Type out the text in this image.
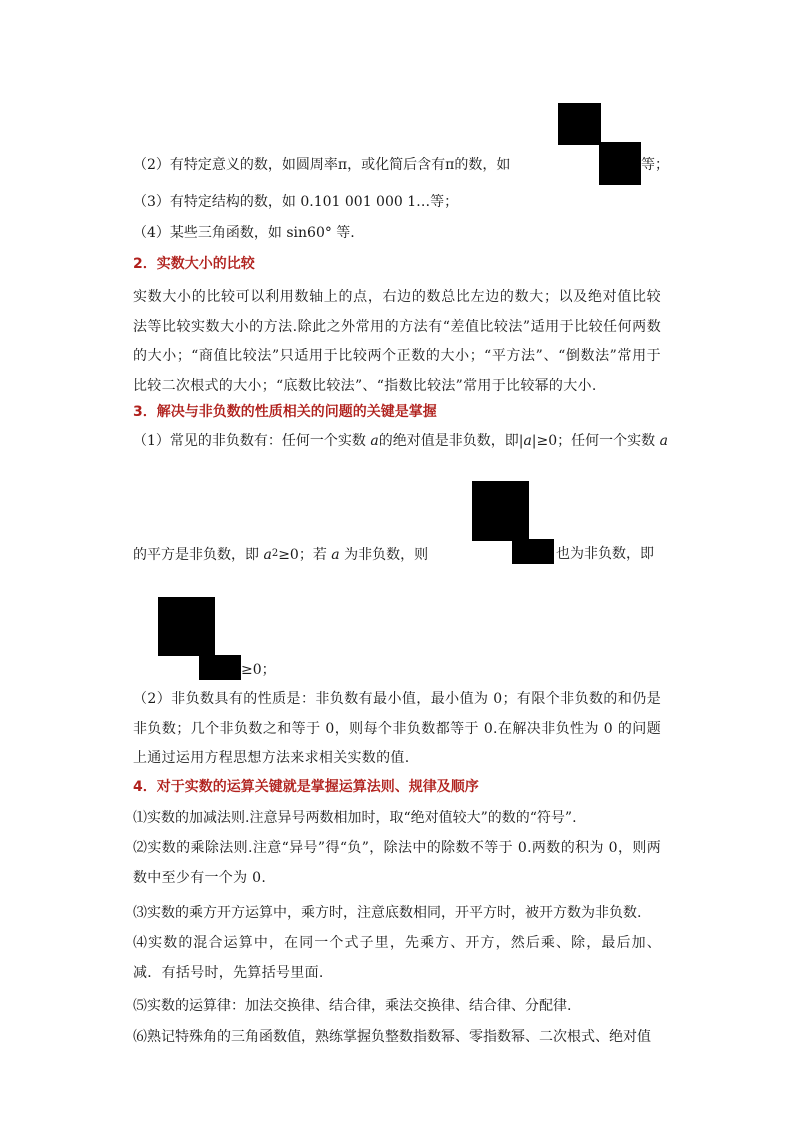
（2）有特定意义的数，如圆周率π，或化简后含有π的数，如	等；
（3）有特定结构的数，如 0.101 001 000 1…等；
（4）某些三角函数，如 sin60° 等.
2．实数大小的比较
实数大小的比较可以利用数轴上的点，右边的数总比左边的数大；以及绝对值比较法等比较实数大小的方法.除此之外常用的方法有“差值比较法”适用于比较任何两数的大小；“商值比较法”只适用于比较两个正数的大小；“平方法”、“倒数法”常用于比较二次根式的大小；“底数比较法”、“指数比较法”常用于比较幂的大小.
3．解决与非负数的性质相关的问题的关键是掌握
（1）常见的非负数有：任何一个实数 a的绝对值是非负数，即|a|≥0；任何一个实数 a
的平方是非负数，即 $a^2\ge 0$；若 a 为非负数，则	也为非负数，即
≥0；
（2）非负数具有的性质是：非负数有最小值，最小值为 0；有限个非负数的和仍是非负数；几个非负数之和等于 0，则每个非负数都等于 0.在解决非负性为 0 的问题上通过运用方程思想方法来求相关实数的值.
4．对于实数的运算关键就是掌握运算法则、规律及顺序
⑴实数的加减法则.注意异号两数相加时，取“绝对值较大”的数的“符号”.
⑵实数的乘除法则.注意“异号”得“负”，除法中的除数不等于 0.两数的积为 0，则两数中至少有一个为 0.
⑶实数的乘方开方运算中，乘方时，注意底数相同，开平方时，被开方数为非负数.
⑷实数的混合运算中，在同一个式子里，先乘方、开方，然后乘、除，最后加、减．有括号时，先算括号里面.
⑸实数的运算律：加法交换律、结合律，乘法交换律、结合律、分配律.
⑹熟记特殊角的三角函数值，熟练掌握负整数指数幂、零指数幂、二次根式、绝对值
